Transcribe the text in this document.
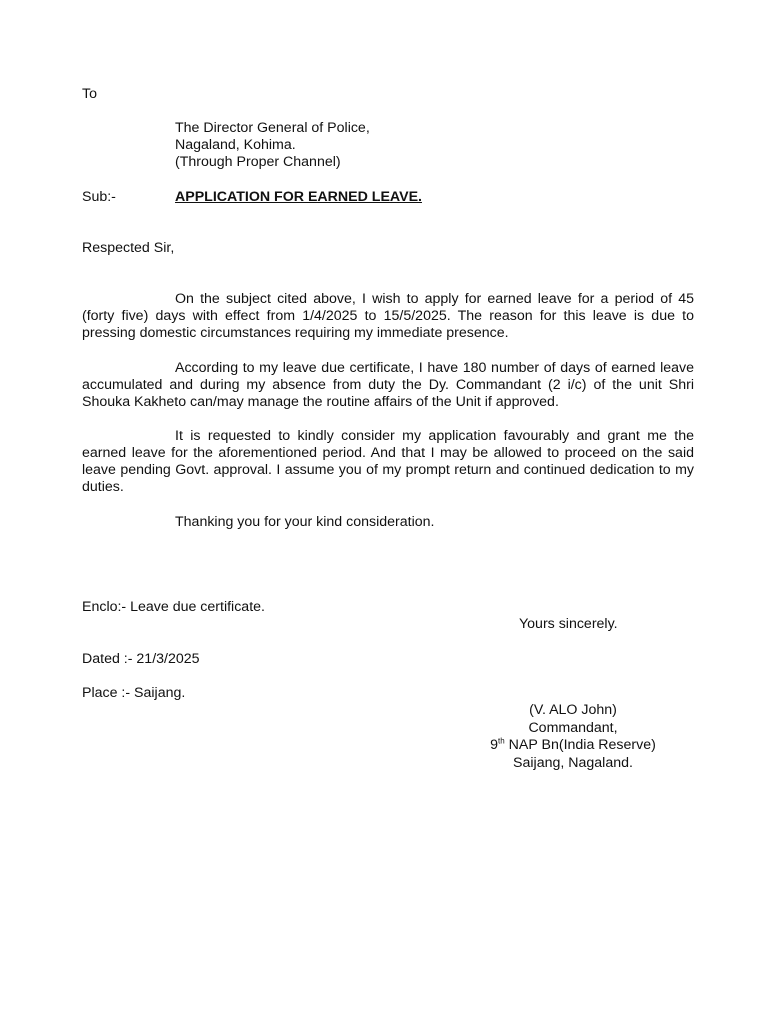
To
The Director General of Police,
Nagaland, Kohima.
(Through Proper Channel)
Sub:-	APPLICATION FOR EARNED LEAVE.
Respected Sir,
On the subject cited above, I wish to apply for earned leave for a period of 45 (forty five) days with effect from 1/4/2025 to 15/5/2025. The reason for this leave is due to pressing domestic circumstances requiring my immediate presence.
According to my leave due certificate, I have 180 number of days of earned leave accumulated and during my absence from duty the Dy. Commandant (2 i/c) of the unit Shri Shouka Kakheto can/may manage the routine affairs of the Unit if approved.
It is requested to kindly consider my application favourably and grant me the earned leave for the aforementioned period. And that I may be allowed to proceed on the said leave pending Govt. approval. I assume you of my prompt return and continued dedication to my duties.
Thanking you for your kind consideration.
Enclo:- Leave due certificate.
Yours sincerely.
Dated :- 21/3/2025
Place :- Saijang.
(V. ALO John)
Commandant,
9th NAP Bn(India Reserve)
Saijang, Nagaland.
